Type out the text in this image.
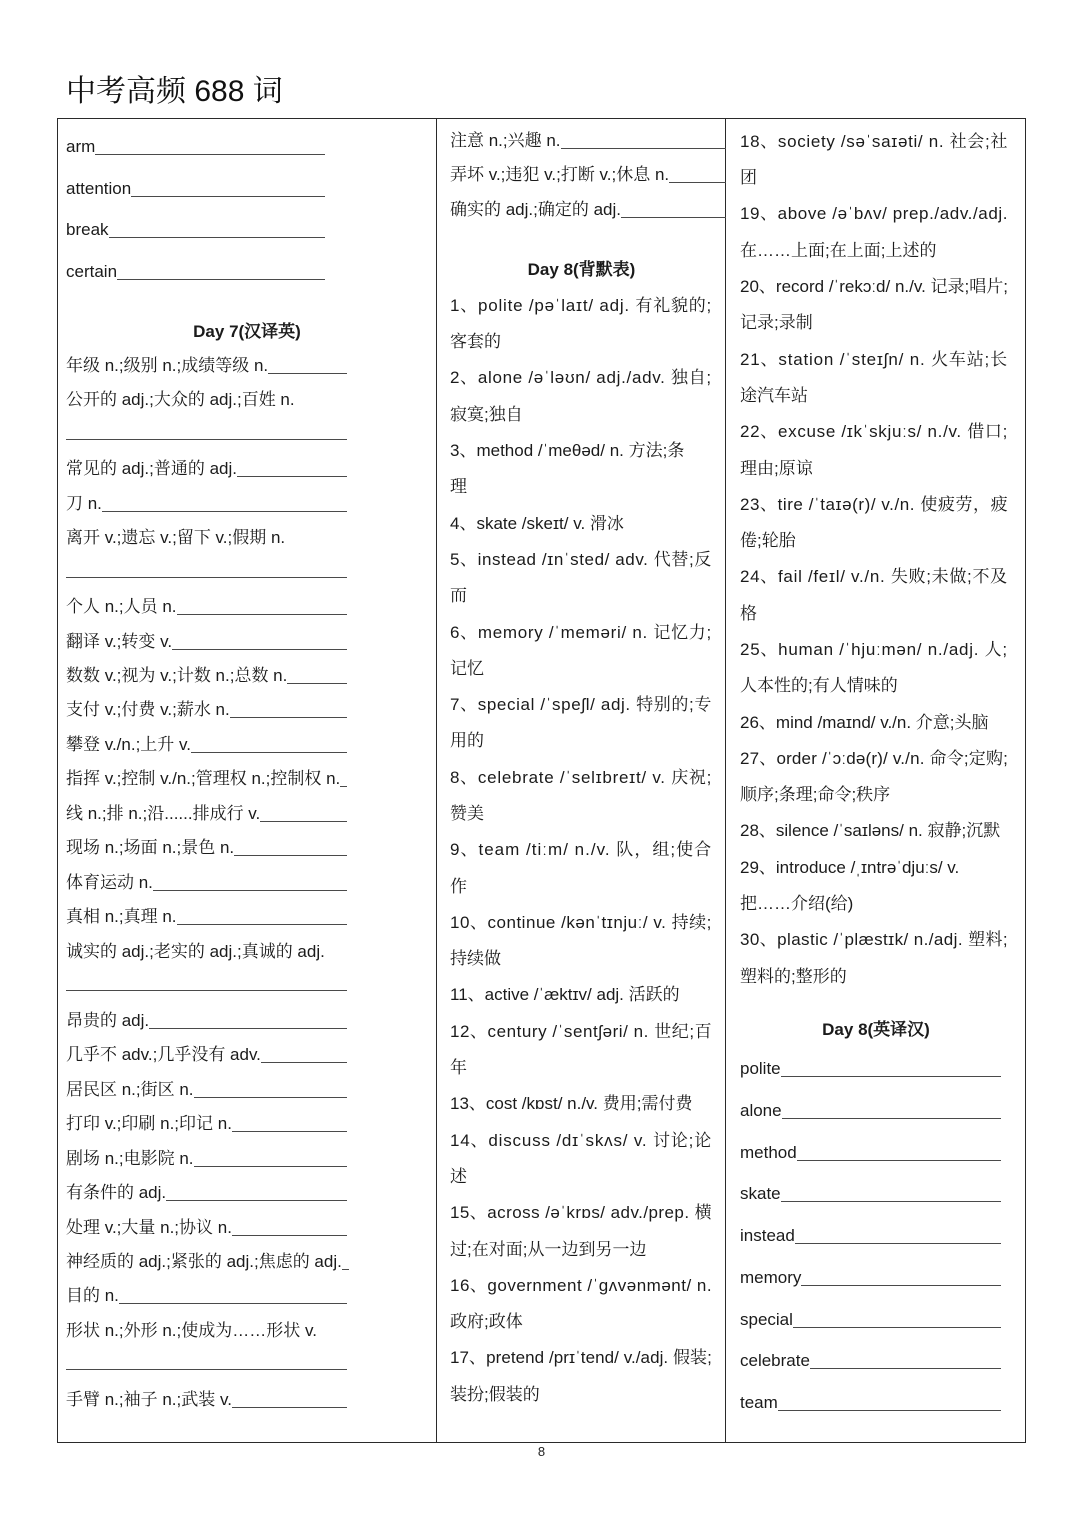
中考高频 688 词
arm
attention
break
certain
Day 7(汉译英)
年级 n.;级别 n.;成绩等级 n.
公开的 adj.;大众的 adj.;百姓 n.
常见的 adj.;普通的 adj.
刀 n.
离开 v.;遗忘 v.;留下 v.;假期 n.
个人 n.;人员 n.
翻译 v.;转变 v.
数数 v.;视为 v.;计数 n.;总数 n.
支付 v.;付费 v.;薪水 n.
攀登 v./n.;上升 v.
指挥 v.;控制 v./n.;管理权 n.;控制权 n.
线 n.;排 n.;沿......排成行 v.
现场 n.;场面 n.;景色 n.
体育运动 n.
真相 n.;真理 n.
诚实的 adj.;老实的 adj.;真诚的 adj.
昂贵的 adj.
几乎不 adv.;几乎没有 adv.
居民区 n.;街区 n.
打印 v.;印刷 n.;印记 n.
剧场 n.;电影院 n.
有条件的 adj.
处理 v.;大量 n.;协议 n.
神经质的 adj.;紧张的 adj.;焦虑的 adj.
目的 n.
形状 n.;外形 n.;使成为……形状 v.
手臂 n.;袖子 n.;武装 v.
注意 n.;兴趣 n.
弄坏 v.;违犯 v.;打断 v.;休息 n.
确实的 adj.;确定的 adj.
Day 8(背默表)
1、polite /pəˈlaɪt/ adj. 有礼貌的;
客套的
2、alone /əˈləʊn/ adj./adv. 独自;
寂寞;独自
3、method /ˈmeθəd/ n. 方法;条
理
4、skate /skeɪt/ v. 滑冰
5、instead /ɪnˈsted/ adv. 代替;反
而
6、memory /ˈmeməri/ n. 记忆力;
记忆
7、special /ˈspeʃl/ adj. 特别的;专
用的
8、celebrate /ˈselɪbreɪt/ v. 庆祝;
赞美
9、team /tiːm/ n./v. 队，组;使合
作
10、continue /kənˈtɪnjuː/ v. 持续;
持续做
11、active /ˈæktɪv/ adj. 活跃的
12、century /ˈsentʃəri/ n. 世纪;百
年
13、cost /kɒst/ n./v. 费用;需付费
14、discuss /dɪˈskʌs/ v. 讨论;论
述
15、across /əˈkrɒs/ adv./prep. 横
过;在对面;从一边到另一边
16、government /ˈɡʌvənmənt/ n.
政府;政体
17、pretend /prɪˈtend/ v./adj. 假装;
装扮;假装的
18、society /səˈsaɪəti/ n. 社会;社
团
19、above /əˈbʌv/ prep./adv./adj.
在……上面;在上面;上述的
20、record /ˈrekɔːd/ n./v. 记录;唱片;
记录;录制
21、station /ˈsteɪʃn/ n. 火车站;长
途汽车站
22、excuse /ɪkˈskjuːs/ n./v. 借口;
理由;原谅
23、tire /ˈtaɪə(r)/ v./n. 使疲劳，疲
倦;轮胎
24、fail /feɪl/ v./n. 失败;未做;不及
格
25、human /ˈhjuːmən/ n./adj. 人;
人本性的;有人情味的
26、mind /maɪnd/ v./n. 介意;头脑
27、order /ˈɔːdə(r)/ v./n. 命令;定购;
顺序;条理;命令;秩序
28、silence /ˈsaɪləns/ n. 寂静;沉默
29、introduce /ˌɪntrəˈdjuːs/ v.
把……介绍(给)
30、plastic /ˈplæstɪk/ n./adj. 塑料;
塑料的;整形的
Day 8(英译汉)
polite
alone
method
skate
instead
memory
special
celebrate
team
8
